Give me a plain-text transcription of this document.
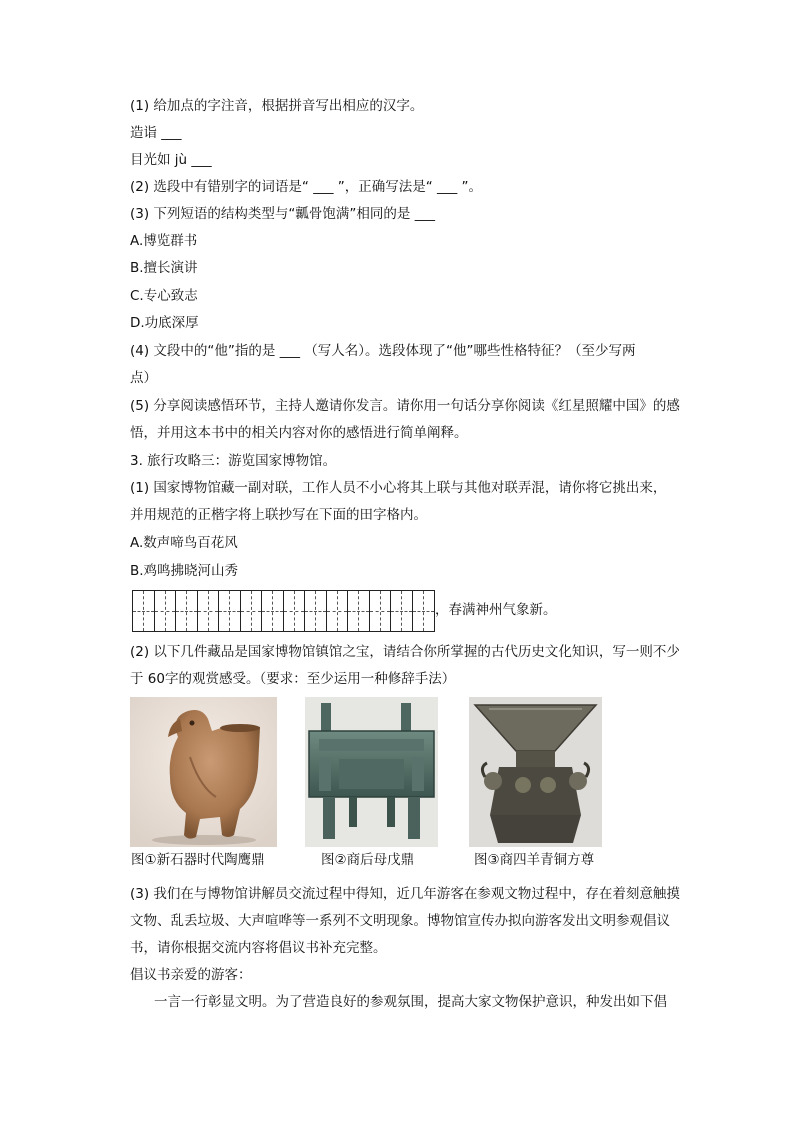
(1) 给加点的字注音，根据拼音写出相应的汉字。
造诣 ___
目光如 jù ___
(2) 选段中有错别字的词语是“ ___ ”，正确写法是“ ___ ”。
(3) 下列短语的结构类型与“瓤骨饱满”相同的是 ___
A.博览群书
B.擅长演讲
C.专心致志
D.功底深厚
(4) 文段中的“他”指的是 ___ （写人名）。选段体现了“他”哪些性格特征？（至少写两
点）
(5) 分享阅读感悟环节，主持人邀请你发言。请你用一句话分享你阅读《红星照耀中国》的感
悟，并用这本书中的相关内容对你的感悟进行简单阐释。
3. 旅行攻略三：游览国家博物馆。
(1) 国家博物馆藏一副对联，工作人员不小心将其上联与其他对联弄混，请你将它挑出来，
并用规范的正楷字将上联抄写在下面的田字格内。
A.数声啼鸟百花风
B.鸡鸣拂晓河山秀
，春满神州气象新。
(2) 以下几件藏品是国家博物馆镇馆之宝，请结合你所掌握的古代历史文化知识，写一则不少
于 60字的观赏感受。（要求：至少运用一种修辞手法）
图①新石器时代陶鹰鼎	图②商后母戊鼎	图③商四羊青铜方尊
(3) 我们在与博物馆讲解员交流过程中得知，近几年游客在参观文物过程中，存在着刻意触摸
文物、乱丢垃圾、大声喧哗等一系列不文明现象。博物馆宣传办拟向游客发出文明参观倡议
书，请你根据交流内容将倡议书补充完整。
倡议书亲爱的游客：
一言一行彰显文明。为了营造良好的参观氛围，提高大家文物保护意识，种发出如下倡
